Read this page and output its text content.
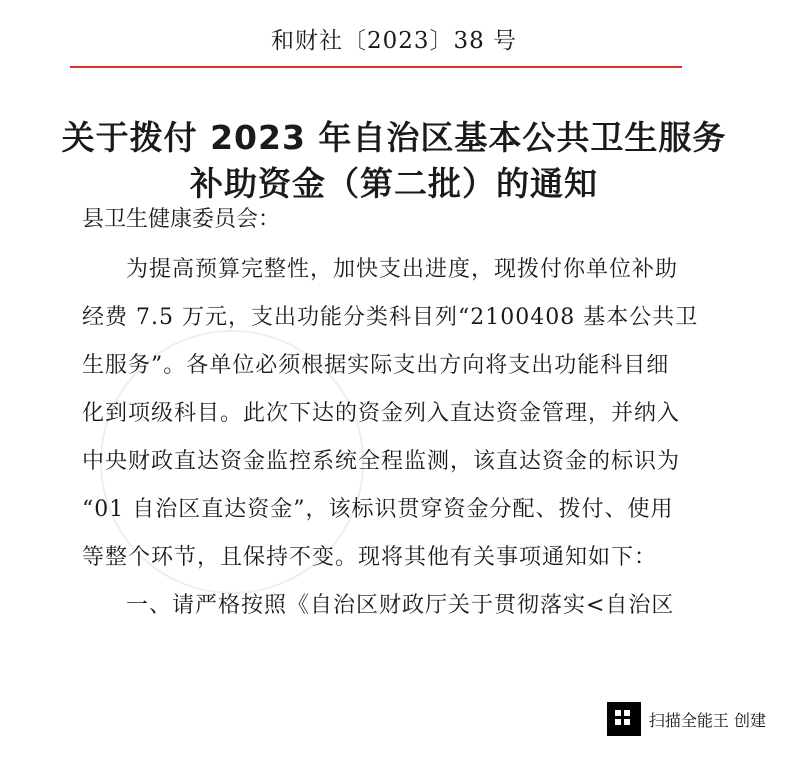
和财社〔2023〕38 号
关于拨付 2023 年自治区基本公共卫生服务
补助资金（第二批）的通知
县卫生健康委员会：
为提高预算完整性，加快支出进度，现拨付你单位补助
经费 7.5 万元，支出功能分类科目列“2100408 基本公共卫
生服务”。各单位必须根据实际支出方向将支出功能科目细
化到项级科目。此次下达的资金列入直达资金管理，并纳入
中央财政直达资金监控系统全程监测，该直达资金的标识为
“01 自治区直达资金”，该标识贯穿资金分配、拨付、使用
等整个环节，且保持不变。现将其他有关事项通知如下：
一、请严格按照《自治区财政厅关于贯彻落实<自治区
扫描全能王 创建
